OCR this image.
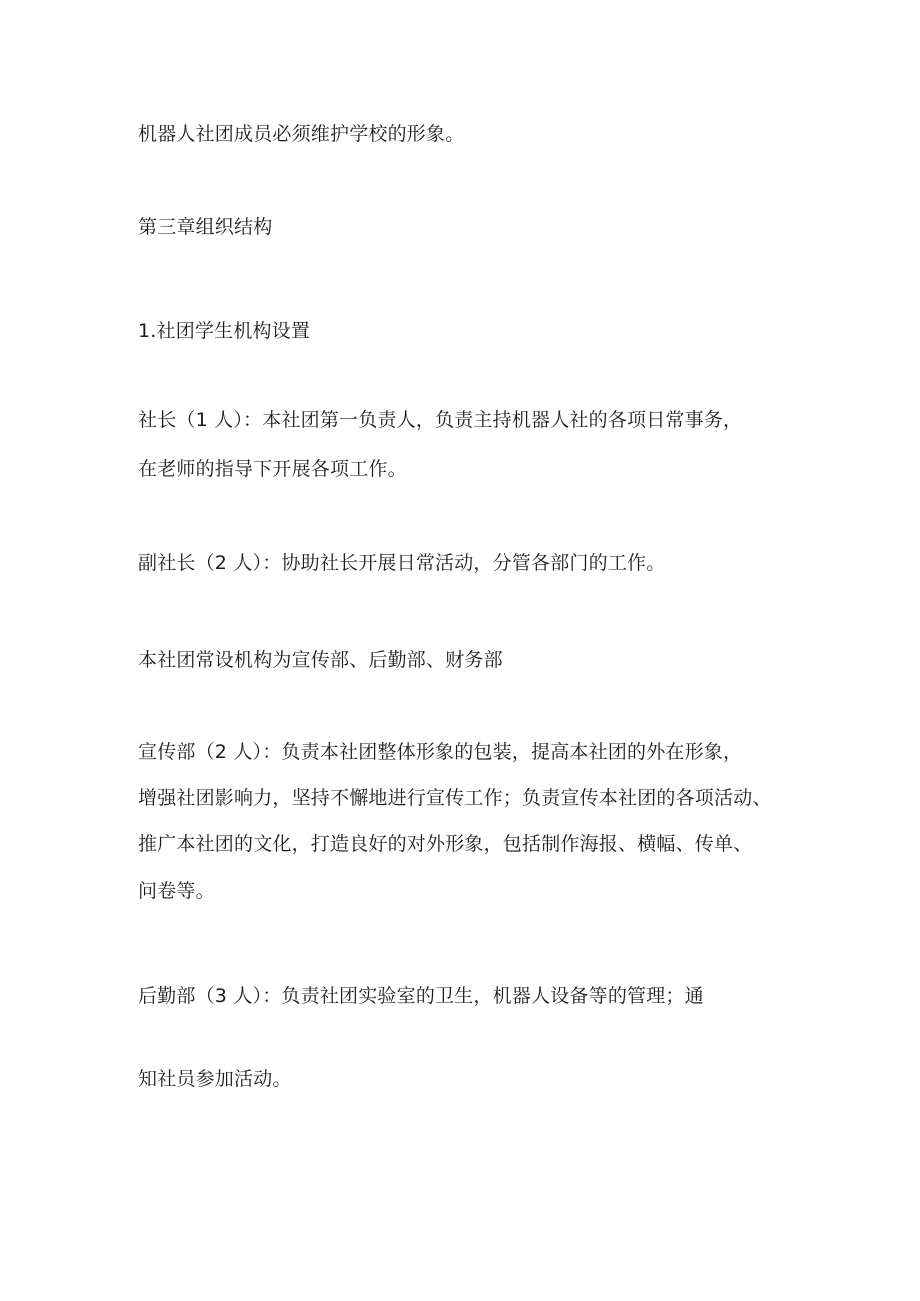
机器人社团成员必须维护学校的形象。
第三章组织结构
1.社团学生机构设置
社长（1 人）：本社团第一负责人，负责主持机器人社的各项日常事务，
在老师的指导下开展各项工作。
副社长（2 人）：协助社长开展日常活动，分管各部门的工作。
本社团常设机构为宣传部、后勤部、财务部
宣传部（2 人）：负责本社团整体形象的包装，提高本社团的外在形象，
增强社团影响力，坚持不懈地进行宣传工作；负责宣传本社团的各项活动、
推广本社团的文化，打造良好的对外形象，包括制作海报、横幅、传单、
问卷等。
后勤部（3 人）：负责社团实验室的卫生，机器人设备等的管理；通
知社员参加活动。
